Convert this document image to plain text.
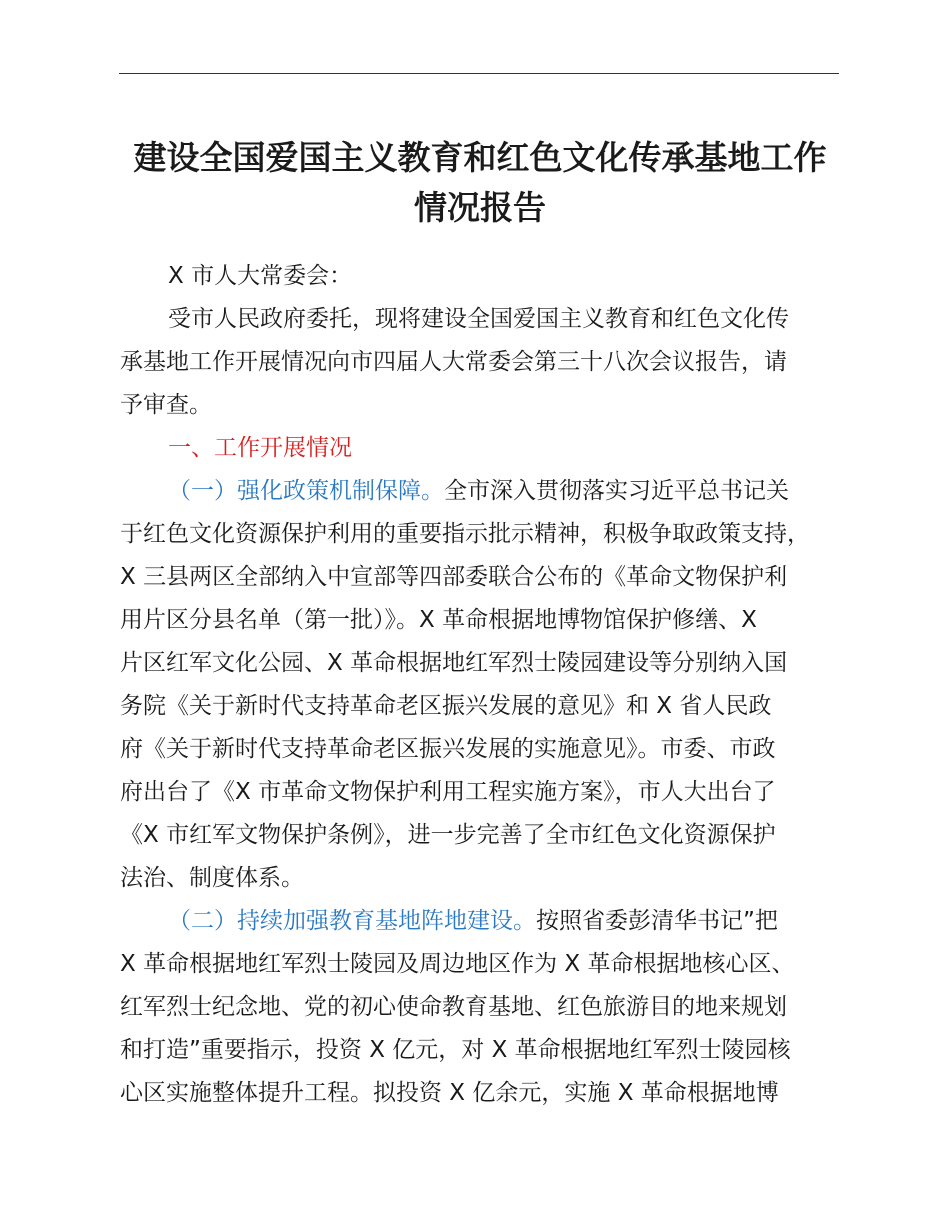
建设全国爱国主义教育和红色文化传承基地工作
情况报告
X 市人大常委会：
受市人民政府委托，现将建设全国爱国主义教育和红色文化传
承基地工作开展情况向市四届人大常委会第三十八次会议报告，请
予审查。
一、工作开展情况
（一）强化政策机制保障。全市深入贯彻落实习近平总书记关
于红色文化资源保护利用的重要指示批示精神，积极争取政策支持，
X 三县两区全部纳入中宣部等四部委联合公布的《革命文物保护利
用片区分县名单（第一批）》。X 革命根据地博物馆保护修缮、X
片区红军文化公园、X 革命根据地红军烈士陵园建设等分别纳入国
务院《关于新时代支持革命老区振兴发展的意见》和 X 省人民政
府《关于新时代支持革命老区振兴发展的实施意见》。市委、市政
府出台了《X 市革命文物保护利用工程实施方案》，市人大出台了
《X 市红军文物保护条例》，进一步完善了全市红色文化资源保护
法治、制度体系。
（二）持续加强教育基地阵地建设。按照省委彭清华书记”把
X 革命根据地红军烈士陵园及周边地区作为 X 革命根据地核心区、
红军烈士纪念地、党的初心使命教育基地、红色旅游目的地来规划
和打造”重要指示，投资 X 亿元，对 X 革命根据地红军烈士陵园核
心区实施整体提升工程。拟投资 X 亿余元，实施 X 革命根据地博
